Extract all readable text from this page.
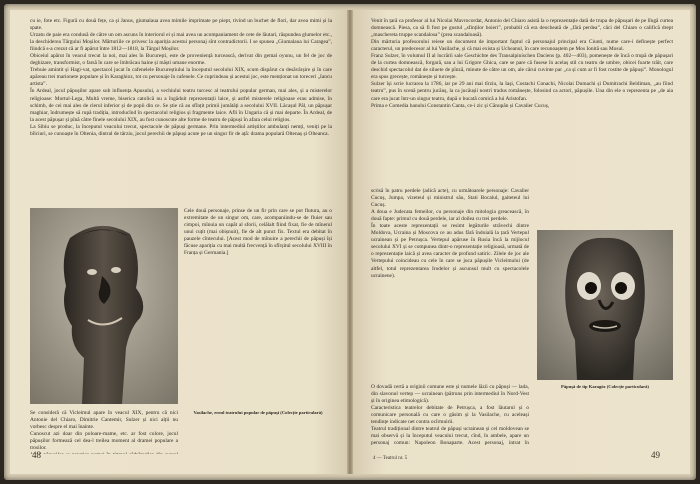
cu ie, fote etc. Figură cu două fețe, ca și Janus, giumalaua avea mimile imprimate pe piept, tivind un buchet de flori, dar avea mimi și la spate.
Urzatu de paie era condusă de către un om ascuns în interiorul ei și mai avea un acompaniament de cete de lăutari, răspundea glumelor etc., la deschiderea Târgului Moșilor. Mărturiile ce privesc la apariția acestui personaj sînt contradictorii. I se spunea „Giumalaua lui Caragea”, fiindcă s-a crezut că ar fi apărut între 1812—1818, la Târgul Moșilor.
Obiceiul apărut în veacul trecut la noi, mai ales în București, este de proveniență turcească, derivat din gemal oyunu, un fel de joc de deghizare, transformist, o farsă în care se îmbrăcau haine și măști umane enorme.
Trebuie amintit și Hagi-vat, spectacol jucat în cafenelele Bucureștiului la începutul secolului XIX, scum dispărut cu desăvârșire și în care apăreau trei marionete populare și în Karaghioz, tot cu personaje în cafenele. Ce cuprindeau și acestui joc, este menționat un toreceri „Iancu artista”.
În Ardeal, jocul păpușilor apare sub influența Apusului, a vechiului teatru turcesc al teatrului popular german, mai ales, și a misterelor religioase: Mortul-Lega, Multă vreme, biserica catolică nu a îngăduit reprezentații laice, și astfel misterele religioase erau admise, în schimb, de cei mai ales de clerul inferior și de popii din ce. Se știe că au sfînțit primii jumătăți a secolului XVII. Lăcașul Pâl, un păpușar maghiar, îndrumește să rupă tradiția, introducînd în spectacolul religios și fragmente laice. Afli în Ungaria că și mai departe. În Ardeal, de la acest păpușar și pînă către finele secolului XIX, au fost cunoscute alte forme de teatru de păpuși în afara celui religios.
La Sibiu se produc, la începutul veacului trecut, spectacole de păpuși germane. Prin intermediul artiștilor ambulanți nemți, veniți pe la bîlciuri, se cunoaște în Oltenia, dintral de târziu, jocul perechii de păpuși acute pe un singur fir de ață: drama populară Oltenaș și Olteanca.

Cele două personaje, prinse de un fir prin care se pot flutura, au o extremitate de un singur om, care, acompaniindu-se de fluier sau cimpoi, mînuia un capăt al sforii, celălalt fiind fixat, fie de mînerul unui cuțit (mai obișnuit), fie de alt punct fix. Textul era debitat în pauzele cîntecului. [Acest mod de mînuire a perechii de păpuși își făcuse apariția cu mai multă frecvență în sfîrșitul secolului XVIII în Franța și Germania.]

Vasilache, eroul teatrului popular de păpuși (Colecție particulară)

Se consideră că Vicleimul apare în veacul XIX, pentru că nici Antonie del Chiaro, Dimitrie Cantemir, Sulzer și nici alții nu vorbesc despre el mai înainte.
Cunoscut azi doar din poloare-mame, etc. ar fost colore, jocul păpușilor formează cel dea-l treilea moment al dramei populare a trosilor.

48

Venit în țară ca profesor al lui Nicolai Mavrocordat, Antonio del Chiaro asistă la o reprezentație dată de trupa de păpușari de pe lîngă curtea domnească. Piesa, ca să fi fost pe gustul „sfinților boieri”, probabil că era deocheată de „fără perdea”, căci del Chiaro o califică drept „maschereta truppe scandalosa” (prea scandaloasă).
Din mărturia profesorului reiese un document de important faptul că personajul principal era Ciunti, nume care-i definește perfect caracterul, un predecesor al lui Vasilache, și că mai exista și Ucheanul, în care recunoaștem pe Mos Ionită sau Mosul.
Franz Sulzer, în volumul II al lucrării sale Geschichte des Transalpinischen Daciens (p. 402—403), pomenește de încă o trupă de păpușari de la curtea domnească, forgară, sau a lui Grigore Ghica, care se pare că fusese în acelaș stil cu teatru de umbre, obicei foarte trăit, care deschid spectacolul dat de siluete de pînză, minute de către un om, ale cărui cuvinte par „ca și cum ar fi fost rostite de păpuși”. Monologul era spus grecește, românește și turcește.
Sulzer își scrie lucrarea la 1786, iar pe 29 ani mai tîrziu, la Iași, Costachi Conachi, Nicolai Dumachi și Dumitrachi Beldiman, „au fiind teatru”, pus în scenă pentru jucăuș, la ca jucăușii nostri tradus românește, folosind ca actori, păpușile. Una din ele o reprezenta pe „de aia care era jucat într-un singur teatru, după o bucată comică a lui Aristofan.
Prima e Comedia banului Constantin Canta, ce-i zic și Cănupăn și Cavalier Cucuș,

scrisă în patru perdele (adică acte), cu următoarele personaje: Cavalier Cucuș, Jumpa, vizeteul și ministrul său, Stati Bocalul, gaiteteul lui Cucuș.
A doua e Judecata femeilor, cu personaje din mitologia greacească, în două fapte: primul cu două perdele, iar al doilea cu trei perdele.
În toate aceste reprezentații se resimt legăturile străvechi dintre Moldova, Ucraina și Moscova ce au adus fără îndoială la țară Vertepul ucrainean și pe Petrușca. Vertepul apăruse în Rusia încă la mijlocul secolului XVI și se compunea dintr-o reprezentație religioasă, urmată de o reprezentație laică și avea caracter de profund satiric. Zilele de joc ale Vertepului coincideau cu cele în care se juca păpușile Vicleimului (de altfel, totul reprezentarea Irodelor și ascunsul mult cu spectacolele ucrainene).

Păpușă de tip Karagöz (Colecție particulară)

O dovadă certă a originii comune este și numele lăzii cu păpuși — lada, din slavonul vertep — ucrainean (pătruns prin intermediul în Nord-Vest și în originea etimologică).
Caracteristica teatrelor debitate de Petrușca, a fost lăutarul și o comunicare personală cu care o găsim și la Vasilache, cu aceleași tendințe indicate net contra ocîrmuirii.
Teatrul tradițional dintre teatrul de păpuși ucrainean și cel moldovean se mai observă și la începutul veacului trecut, cînd, în ambele, apare un personaj comun: Napoleon Bonaparte. Acest personaj, intrat în

4 — Teatrul nr. 5	49
